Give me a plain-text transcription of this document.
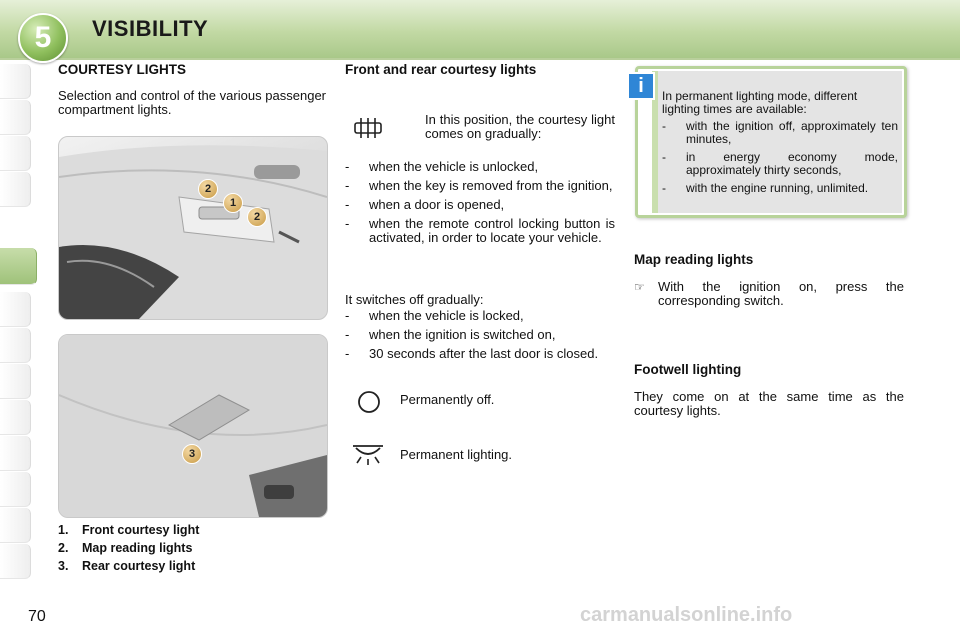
5	VISIBILITY
COURTESY LIGHTS

Selection and control of the various passenger compartment lights.

2
1
2
3
1. Front courtesy light
2. Map reading lights
3. Rear courtesy light
Front and rear courtesy lights

In this position, the courtesy light comes on gradually:

- when the vehicle is unlocked,
- when the key is removed from the ignition,
- when a door is opened,
- when the remote control locking button is activated, in order to locate your vehicle.

It switches off gradually:

- when the vehicle is locked,
- when the ignition is switched on,
- 30 seconds after the last door is closed.

Permanently off.

Permanent lighting.

In permanent lighting mode, different lighting times are available:

- with the ignition off, approximately ten minutes,
- in energy economy mode, approximately thirty seconds,
- with the engine running, unlimited.
i
Map reading lights
☞ With the ignition on, press the corresponding switch.

Footwell lighting

They come on at the same time as the courtesy lights.

70	carmanualsonline.info
